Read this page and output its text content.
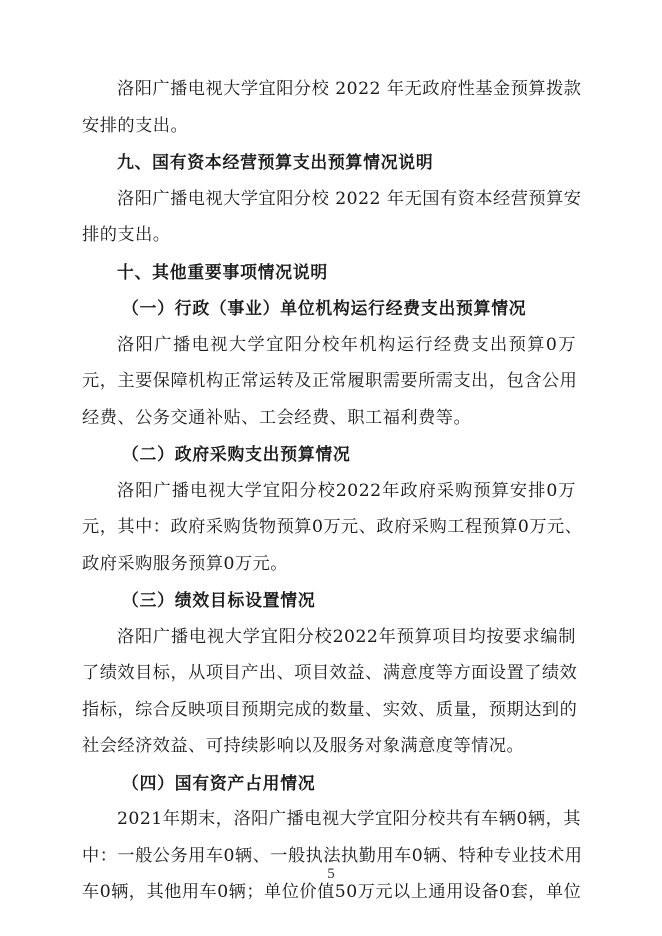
洛阳广播电视大学宜阳分校 2022 年无政府性基金预算拨款
安排的支出。
九、国有资本经营预算支出预算情况说明
洛阳广播电视大学宜阳分校 2022 年无国有资本经营预算安
排的支出。
十、其他重要事项情况说明
（一）行政（事业）单位机构运行经费支出预算情况
洛阳广播电视大学宜阳分校年机构运行经费支出预算0万
元，主要保障机构正常运转及正常履职需要所需支出，包含公用
经费、公务交通补贴、工会经费、职工福利费等。
（二）政府采购支出预算情况
洛阳广播电视大学宜阳分校2022年政府采购预算安排0万
元，其中：政府采购货物预算0万元、政府采购工程预算0万元、
政府采购服务预算0万元。
（三）绩效目标设置情况
洛阳广播电视大学宜阳分校2022年预算项目均按要求编制
了绩效目标，从项目产出、项目效益、满意度等方面设置了绩效
指标，综合反映项目预期完成的数量、实效、质量，预期达到的
社会经济效益、可持续影响以及服务对象满意度等情况。
（四）国有资产占用情况
2021年期末，洛阳广播电视大学宜阳分校共有车辆0辆，其
中：一般公务用车0辆、一般执法执勤用车0辆、特种专业技术用
车0辆，其他用车0辆；单位价值50万元以上通用设备0套，单位
5
